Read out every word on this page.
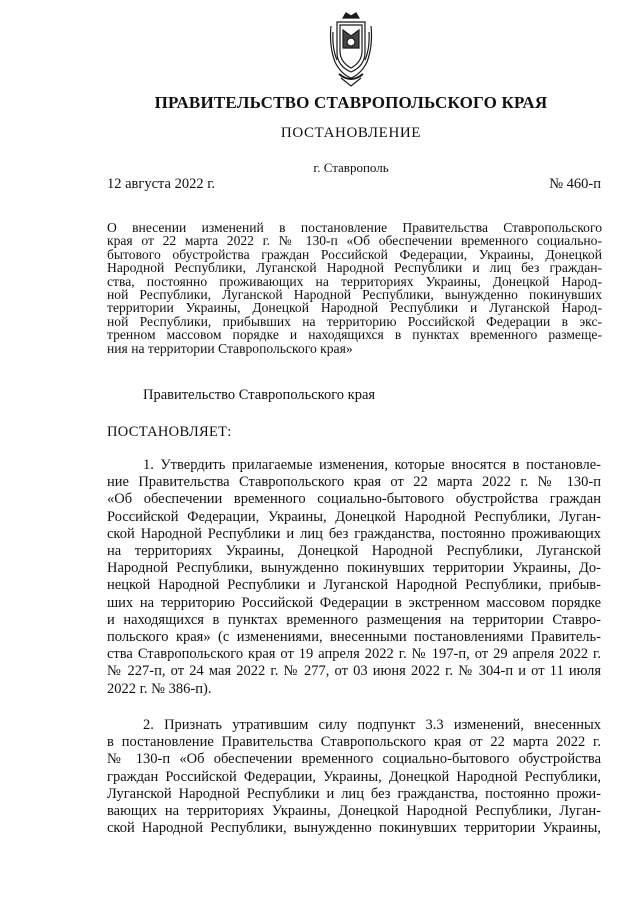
ПРАВИТЕЛЬСТВО СТАВРОПОЛЬСКОГО КРАЯ
ПОСТАНОВЛЕНИЕ
г. Ставрополь
12 августа 2022 г.	№ 460-п
О внесении изменений в постановление Правительства Ставропольского
края от 22 марта 2022 г. № 130-п «Об обеспечении временного социально-
бытового обустройства граждан Российской Федерации, Украины, Донецкой
Народной Республики, Луганской Народной Республики и лиц без граждан-
ства, постоянно проживающих на территориях Украины, Донецкой Народ-
ной Республики, Луганской Народной Республики, вынужденно покинувших
территории Украины, Донецкой Народной Республики и Луганской Народ-
ной Республики, прибывших на территорию Российской Федерации в экс-
тренном массовом порядке и находящихся в пунктах временного размеще-
ния на территории Ставропольского края»
Правительство Ставропольского края
ПОСТАНОВЛЯЕТ:
1. Утвердить прилагаемые изменения, которые вносятся в постановле-
ние Правительства Ставропольского края от 22 марта 2022 г. № 130-п
«Об обеспечении временного социально-бытового обустройства граждан
Российской Федерации, Украины, Донецкой Народной Республики, Луган-
ской Народной Республики и лиц без гражданства, постоянно проживающих
на территориях Украины, Донецкой Народной Республики, Луганской
Народной Республики, вынужденно покинувших территории Украины, До-
нецкой Народной Республики и Луганской Народной Республики, прибыв-
ших на территорию Российской Федерации в экстренном массовом порядке
и находящихся в пунктах временного размещения на территории Ставро-
польского края» (с изменениями, внесенными постановлениями Правитель-
ства Ставропольского края от 19 апреля 2022 г. № 197-п, от 29 апреля 2022 г.
№ 227-п, от 24 мая 2022 г. № 277, от 03 июня 2022 г. № 304-п и от 11 июля
2022 г. № 386-п).
2. Признать утратившим силу подпункт 3.3 изменений, внесенных
в постановление Правительства Ставропольского края от 22 марта 2022 г.
№ 130-п «Об обеспечении временного социально-бытового обустройства
граждан Российской Федерации, Украины, Донецкой Народной Республики,
Луганской Народной Республики и лиц без гражданства, постоянно прожи-
вающих на территориях Украины, Донецкой Народной Республики, Луган-
ской Народной Республики, вынужденно покинувших территории Украины,
